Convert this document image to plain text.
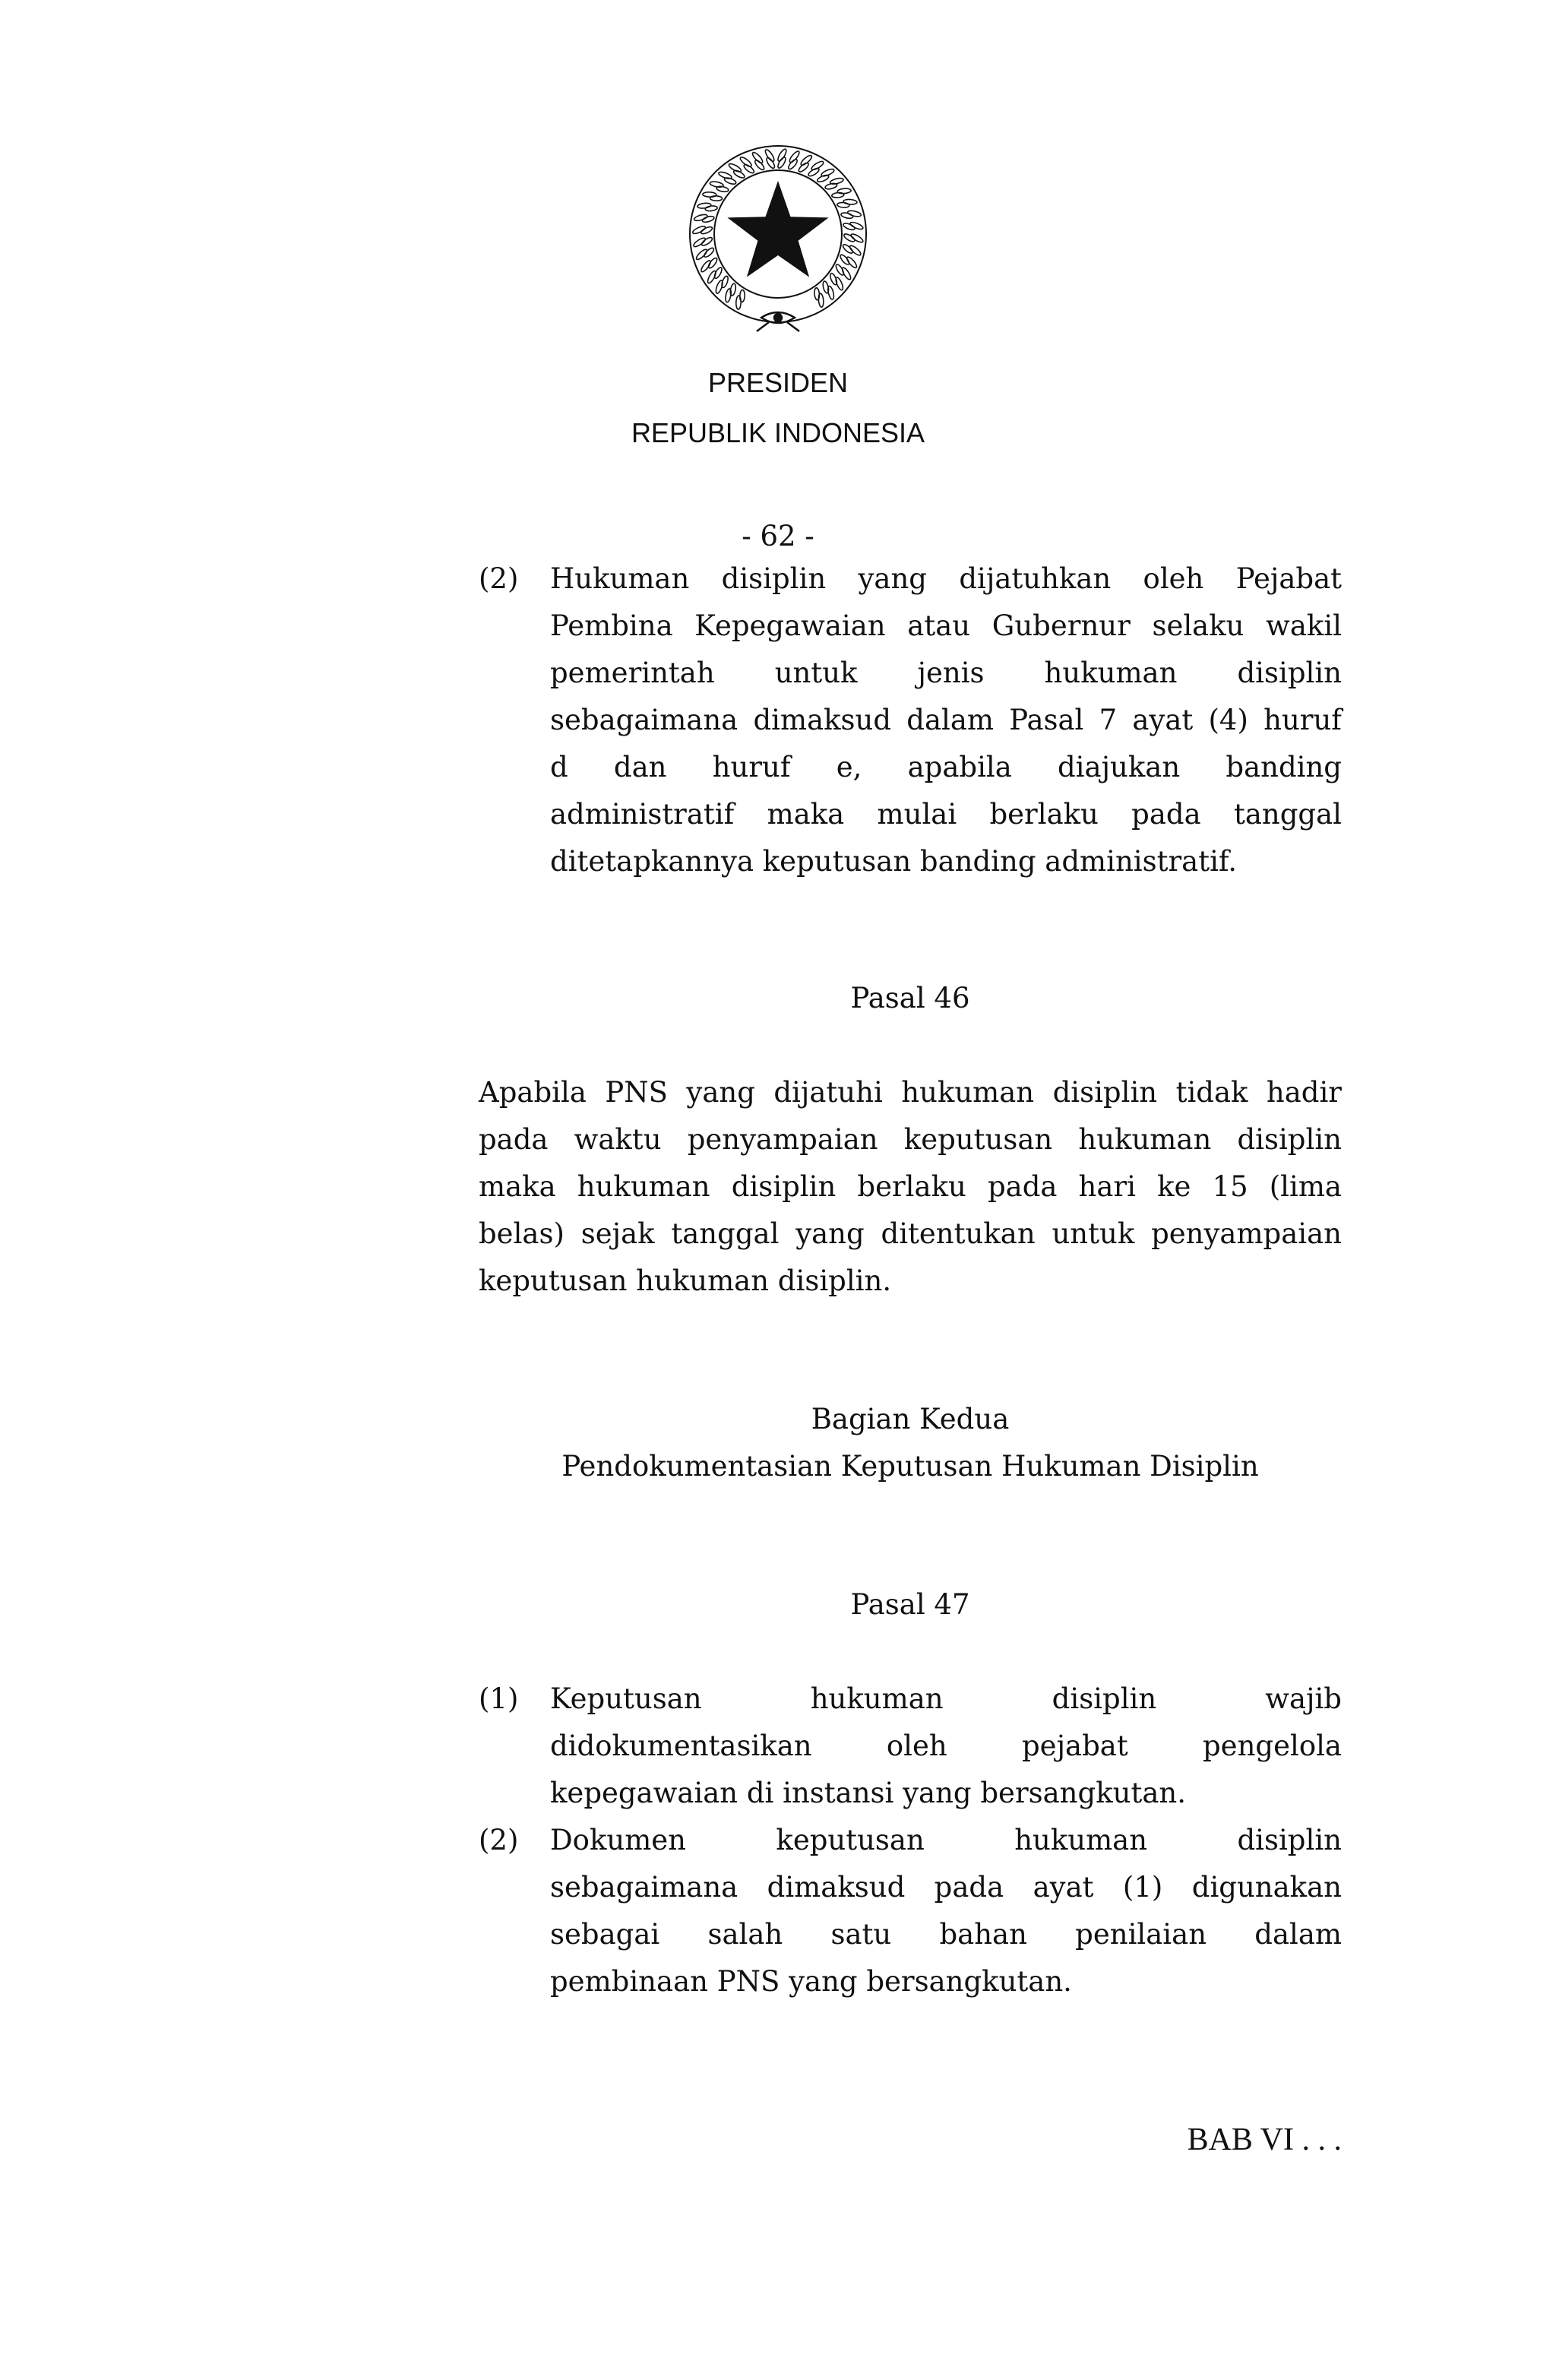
PRESIDEN
REPUBLIK INDONESIA
- 62 -
(2)	Hukuman disiplin yang dijatuhkan oleh Pejabat
Pembina Kepegawaian atau Gubernur selaku wakil
pemerintah untuk jenis hukuman disiplin
sebagaimana dimaksud dalam Pasal 7 ayat (4) huruf
d dan huruf e, apabila diajukan banding
administratif maka mulai berlaku pada tanggal
ditetapkannya keputusan banding administratif.
Pasal 46
Apabila PNS yang dijatuhi hukuman disiplin tidak hadir
pada waktu penyampaian keputusan hukuman disiplin
maka hukuman disiplin berlaku pada hari ke 15 (lima
belas) sejak tanggal yang ditentukan untuk penyampaian
keputusan hukuman disiplin.
Bagian Kedua
Pendokumentasian Keputusan Hukuman Disiplin
Pasal 47
(1)	Keputusan hukuman disiplin wajib
didokumentasikan oleh pejabat pengelola
kepegawaian di instansi yang bersangkutan.
(2)	Dokumen keputusan hukuman disiplin
sebagaimana dimaksud pada ayat (1) digunakan
sebagai salah satu bahan penilaian dalam
pembinaan PNS yang bersangkutan.
BAB VI . . .
